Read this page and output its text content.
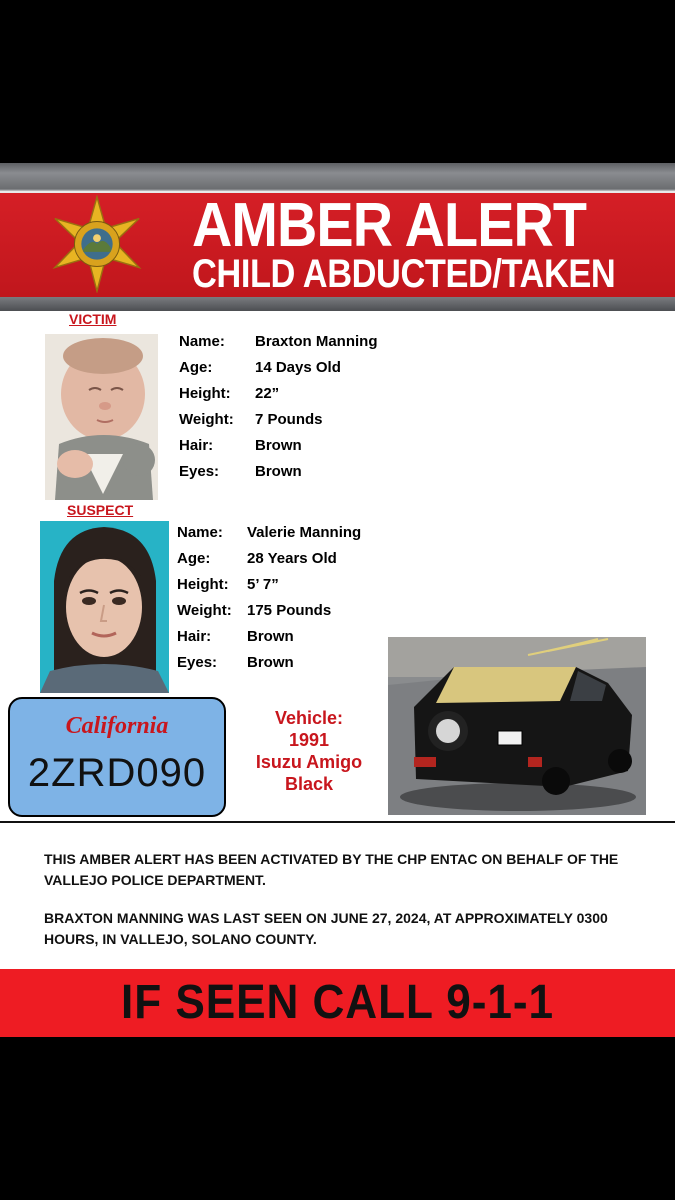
AMBER ALERT
CHILD ABDUCTED/TAKEN
VICTIM
Name: Braxton Manning
Age:	14 Days Old
Height: 22”
Weight: 7 Pounds
Hair:	Brown
Eyes: Brown
SUSPECT
Name: Valerie Manning
Age: 28 Years Old
Height: 5’ 7”
Weight: 175 Pounds
Hair: Brown
Eyes: Brown
California
2ZRD090
Vehicle:
1991
Isuzu Amigo
Black
THIS AMBER ALERT HAS BEEN ACTIVATED BY THE CHP ENTAC ON BEHALF OF THE VALLEJO POLICE DEPARTMENT.
BRAXTON MANNING WAS LAST SEEN ON JUNE 27, 2024, AT APPROXIMATELY 0300 HOURS, IN VALLEJO, SOLANO COUNTY.
IF SEEN CALL 9-1-1
